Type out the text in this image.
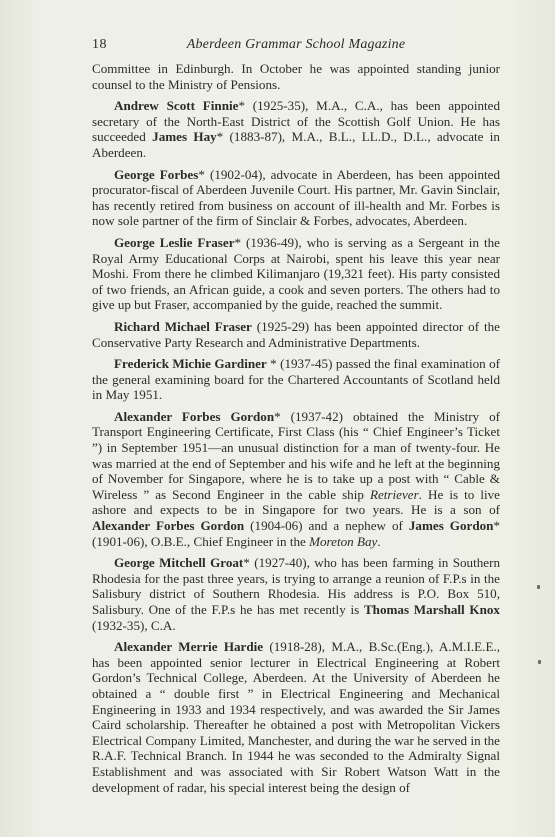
18	Aberdeen Grammar School Magazine

Committee in Edinburgh. In October he was appointed standing junior counsel to the Ministry of Pensions.

Andrew Scott Finnie* (1925-35), M.A., C.A., has been appointed secretary of the North-East District of the Scottish Golf Union. He has succeeded James Hay* (1883-87), M.A., B.L., LL.D., D.L., advocate in Aberdeen.

George Forbes* (1902-04), advocate in Aberdeen, has been appointed procurator-fiscal of Aberdeen Juvenile Court. His partner, Mr. Gavin Sinclair, has recently retired from business on account of ill-health and Mr. Forbes is now sole partner of the firm of Sinclair & Forbes, advocates, Aberdeen.

George Leslie Fraser* (1936-49), who is serving as a Sergeant in the Royal Army Educational Corps at Nairobi, spent his leave this year near Moshi. From there he climbed Kilimanjaro (19,321 feet). His party consisted of two friends, an African guide, a cook and seven porters. The others had to give up but Fraser, accompanied by the guide, reached the summit.

Richard Michael Fraser (1925-29) has been appointed director of the Conservative Party Research and Administrative Departments.

Frederick Michie Gardiner * (1937-45) passed the final examination of the general examining board for the Chartered Accountants of Scotland held in May 1951.

Alexander Forbes Gordon* (1937-42) obtained the Ministry of Transport Engineering Certificate, First Class (his “ Chief Engineer’s Ticket ”) in September 1951—an unusual distinction for a man of twenty-four. He was married at the end of September and his wife and he left at the beginning of November for Singapore, where he is to take up a post with “ Cable & Wireless ” as Second Engineer in the cable ship Retriever. He is to live ashore and expects to be in Singapore for two years. He is a son of Alexander Forbes Gordon (1904-06) and a nephew of James Gordon* (1901-06), O.B.E., Chief Engineer in the Moreton Bay.

George Mitchell Groat* (1927-40), who has been farming in Southern Rhodesia for the past three years, is trying to arrange a reunion of F.P.s in the Salisbury district of Southern Rhodesia. His address is P.O. Box 510, Salisbury. One of the F.P.s he has met recently is Thomas Marshall Knox (1932-35), C.A.

Alexander Merrie Hardie (1918-28), M.A., B.Sc.(Eng.), A.M.I.E.E., has been appointed senior lecturer in Electrical Engineering at Robert Gordon’s Technical College, Aberdeen. At the University of Aberdeen he obtained a “ double first ” in Electrical Engineering and Mechanical Engineering in 1933 and 1934 respectively, and was awarded the Sir James Caird scholarship. Thereafter he obtained a post with Metropolitan Vickers Electrical Company Limited, Manchester, and during the war he served in the R.A.F. Technical Branch. In 1944 he was seconded to the Admiralty Signal Establishment and was associated with Sir Robert Watson Watt in the development of radar, his special interest being the design of
